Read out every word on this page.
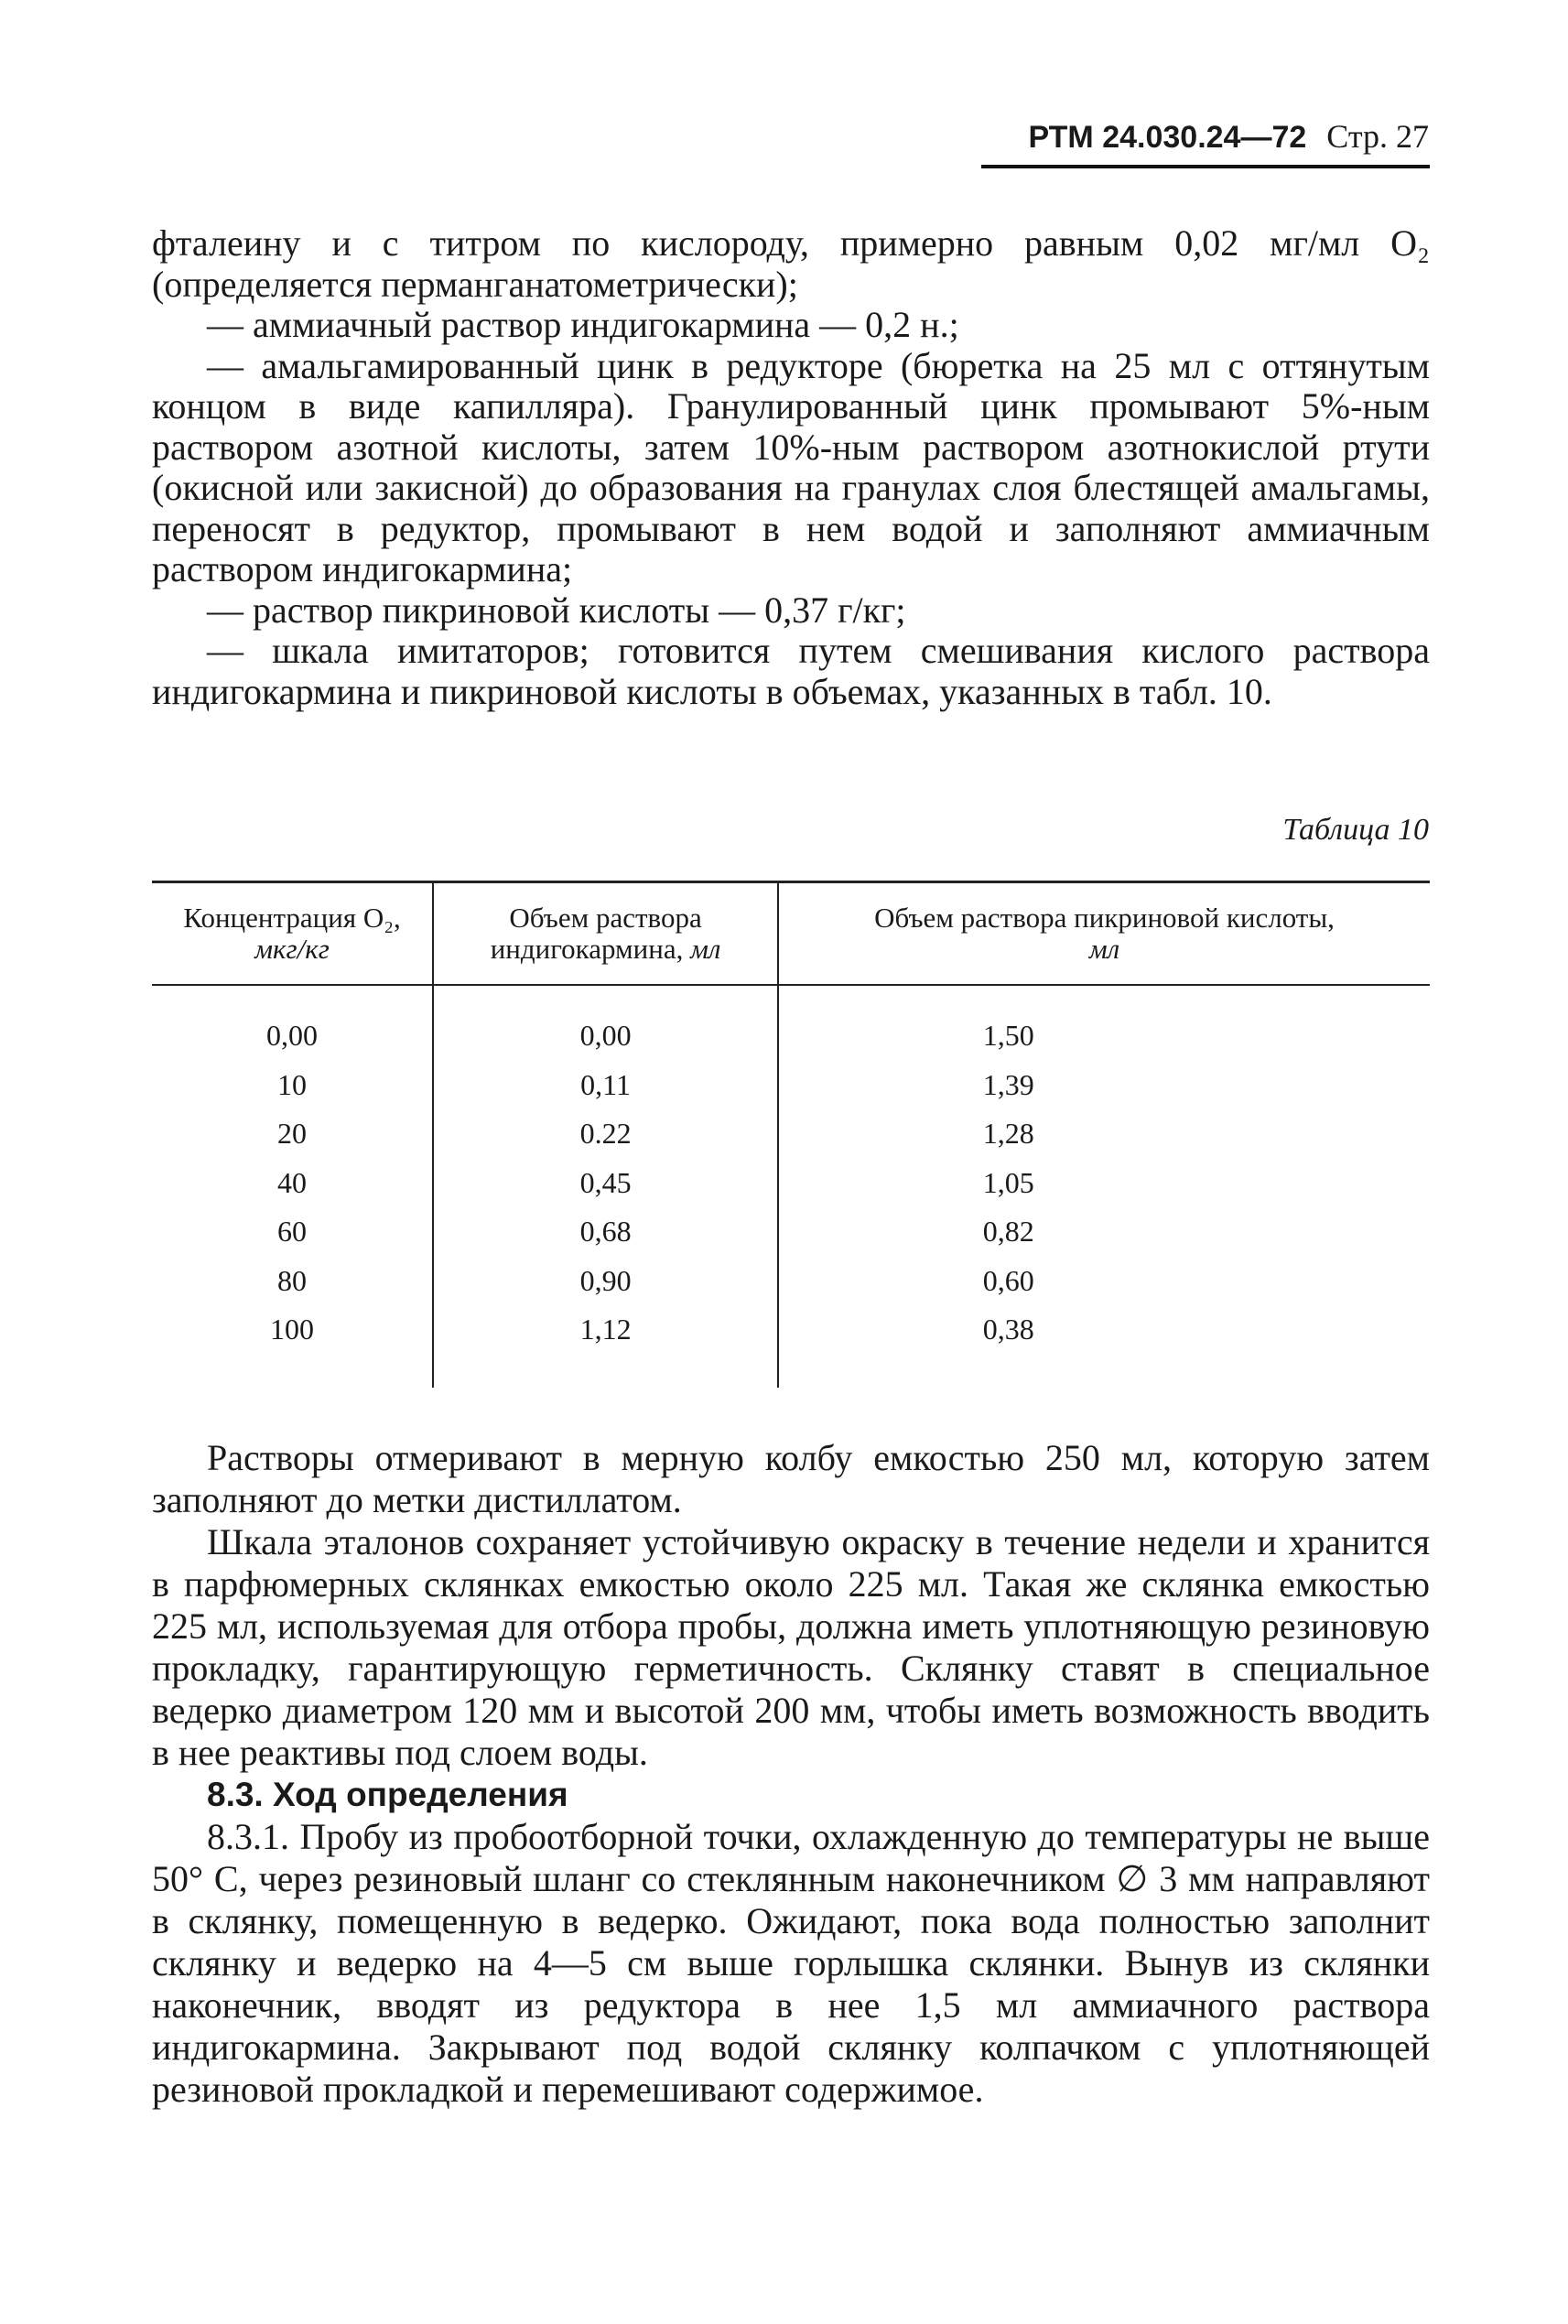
РТМ 24.030.24—72 Стр. 27

фталеину и с титром по кислороду, примерно равным 0,02 мг/мл O₂ (определяется перманганатометрически);

— аммиачный раствор индигокармина — 0,2 н.;

— амальгамированный цинк в редукторе (бюретка на 25 мл с оттянутым концом в виде капилляра). Гранулированный цинк промывают 5%-ным раствором азотной кислоты, затем 10%-ным раствором азотнокислой ртути (окисной или закисной) до образования на гранулах слоя блестящей амальгамы, переносят в редуктор, промывают в нем водой и заполняют аммиачным раствором индигокармина;

— раствор пикриновой кислоты — 0,37 г/кг;

— шкала имитаторов; готовится путем смешивания кислого раствора индигокармина и пикриновой кислоты в объемах, указанных в табл. 10.

Таблица 10
Концентрация O₂,
мкг/кг	Объем раствора индигокармина, мл	Объем раствора пикриновой кислоты,
мл	
0,00	0,00	1,50	
10	0,11	1,39	
20	0.22	1,28	
40	0,45	1,05	
60	0,68	0,82	
80	0,90	0,60	
100	1,12	0,38	

Растворы отмеривают в мерную колбу емкостью 250 мл, которую затем заполняют до метки дистиллатом.

Шкала эталонов сохраняет устойчивую окраску в течение недели и хранится в парфюмерных склянках емкостью около 225 мл. Такая же склянка емкостью 225 мл, используемая для отбора пробы, должна иметь уплотняющую резиновую прокладку, гарантирующую герметичность. Склянку ставят в специальное ведерко диаметром 120 мм и высотой 200 мм, чтобы иметь возможность вводить в нее реактивы под слоем воды.

8.3. Ход определения

8.3.1. Пробу из пробоотборной точки, охлажденную до температуры не выше 50° С, через резиновый шланг со стеклянным наконечником ∅ 3 мм направляют в склянку, помещенную в ведерко. Ожидают, пока вода полностью заполнит склянку и ведерко на 4—5 см выше горлышка склянки. Вынув из склянки наконечник, вводят из редуктора в нее 1,5 мл аммиачного раствора индигокармина. Закрывают под водой склянку колпачком с уплотняющей резиновой прокладкой и перемешивают содержимое.
